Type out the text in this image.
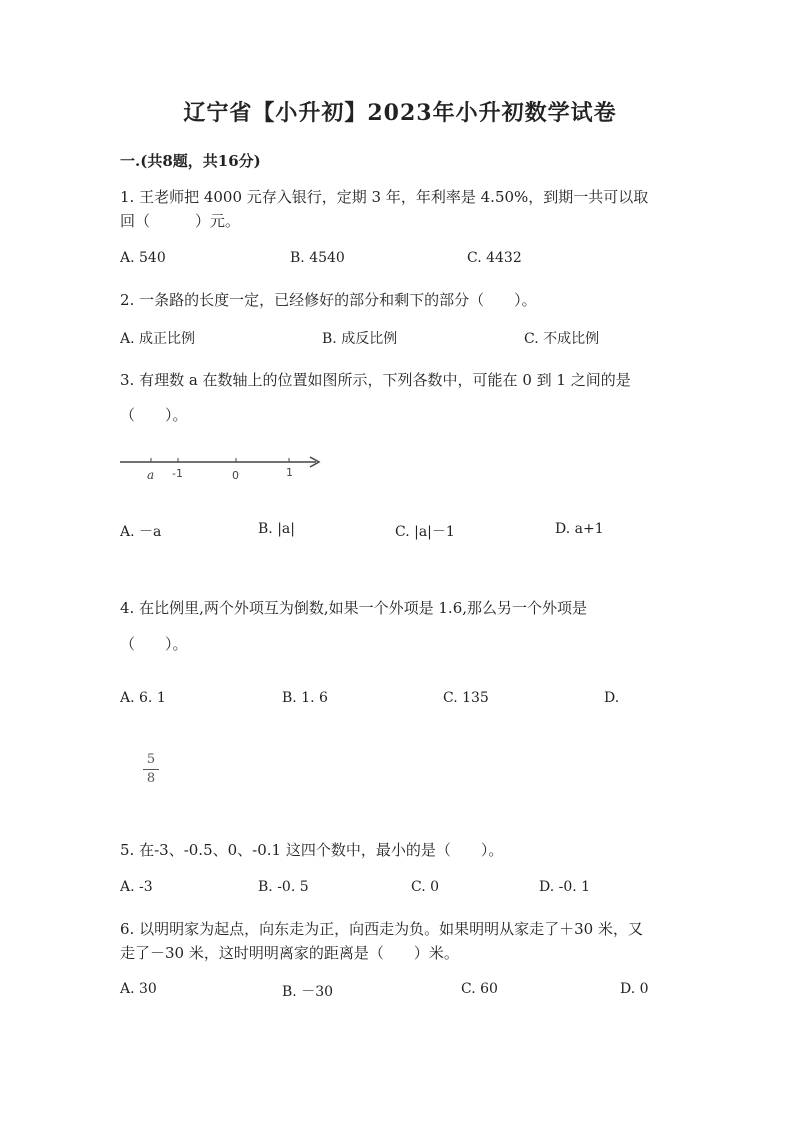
辽宁省【小升初】2023年小升初数学试卷
一.(共8题，共16分)
1. 王老师把 4000 元存入银行，定期 3 年，年利率是 4.50%，到期一共可以取
回（　　　）元。
A. 540	B. 4540	C. 4432
2. 一条路的长度一定，已经修好的部分和剩下的部分（　　）。
A. 成正比例	B. 成反比例	C. 不成比例
3. 有理数 a 在数轴上的位置如图所示，下列各数中，可能在 0 到 1 之间的是
（　　）。
a -1	0	1
A. －a	B. |a|	C. |a|－1	D. a+1
4. 在比例里,两个外项互为倒数,如果一个外项是 1.6,那么另一个外项是
（　　）。
A. 6. 1	B. 1. 6	C. 135	D.
5
8
5. 在-3、-0.5、0、-0.1 这四个数中，最小的是（　　）。
A. -3	B. -0. 5	C. 0	D. -0. 1
6. 以明明家为起点，向东走为正，向西走为负。如果明明从家走了＋30 米，又
走了－30 米，这时明明离家的距离是（　　）米。
A. 30	B. －30	C. 60	D. 0
